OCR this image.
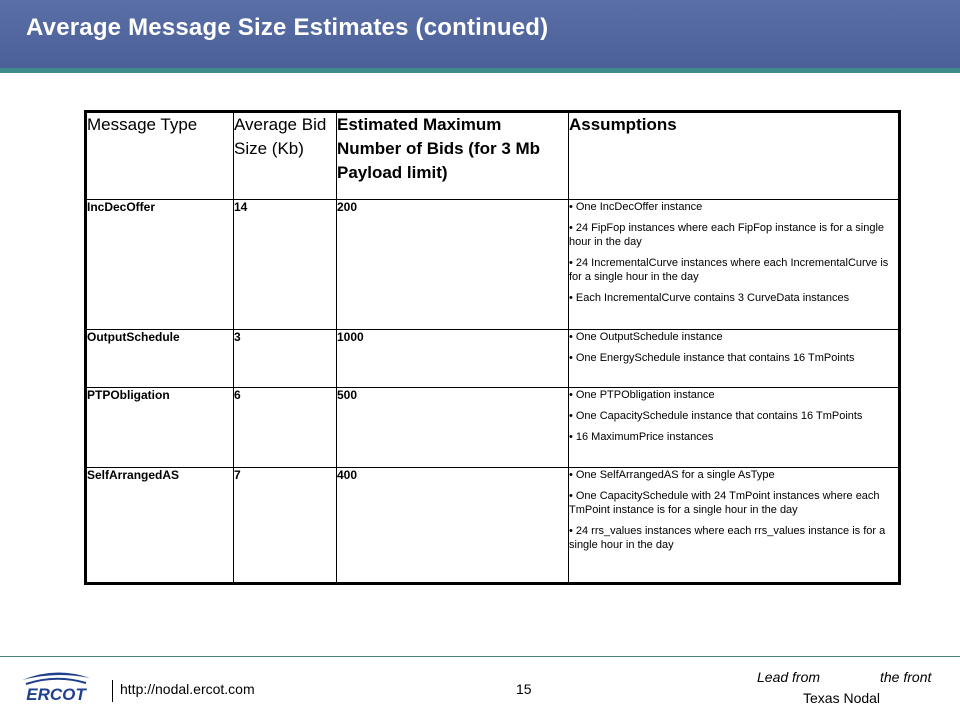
Average Message Size Estimates (continued)
Message Type	Average Bid Size (Kb)	Estimated Maximum Number of Bids (for 3 Mb Payload limit)	Assumptions
IncDecOffer	14	200	• One IncDecOffer instance
• 24 FipFop instances where each FipFop instance is for a single hour in the day
• 24 IncrementalCurve instances where each IncrementalCurve is for a single hour in the day
• Each IncrementalCurve contains 3 CurveData instances

OutputSchedule	3	1000	• One OutputSchedule instance
• One EnergySchedule instance that contains 16 TmPoints

PTPObligation	6	500	• One PTPObligation instance
• One CapacitySchedule instance that contains 16 TmPoints
• 16 MaximumPrice instances

SelfArrangedAS	7	400	• One SelfArrangedAS for a single AsType
• One CapacitySchedule with 24 TmPoint instances where each TmPoint instance is for a single hour in the day
• 24 rrs_values instances where each rrs_values instance is for a single hour in the day
ERCOT http://nodal.ercot.com	15
Lead from	the front
Texas Nodal
